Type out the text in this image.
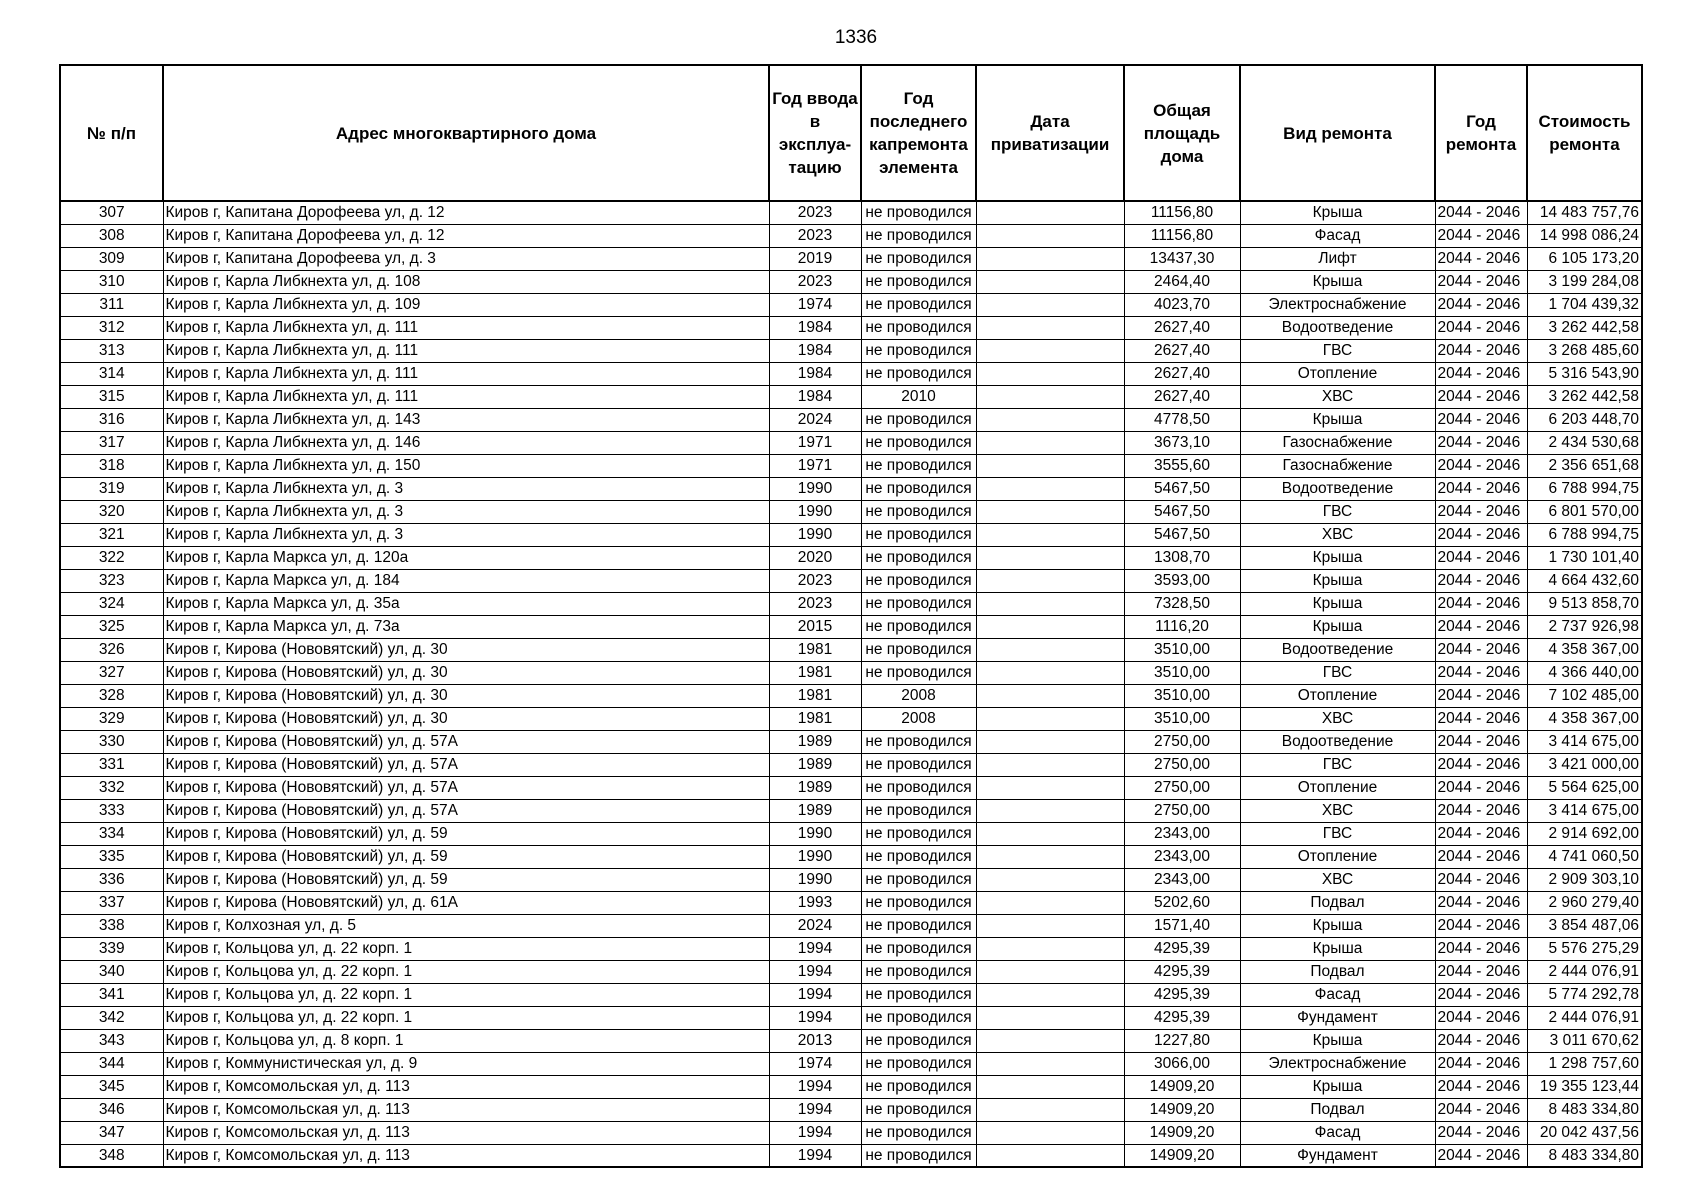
1336
№ п/п	Адрес многоквартирного дома	Год ввода в эксплуа-тацию	Год последнего капремонта элемента	Дата приватизации	Общая площадь дома	Вид ремонта	Год ремонта	Стоимость ремонта
307	Киров г, Капитана Дорофеева ул, д. 12	2023	не проводился		11156,80	Крыша	2044 - 2046	14 483 757,76
308	Киров г, Капитана Дорофеева ул, д. 12	2023	не проводился		11156,80	Фасад	2044 - 2046	14 998 086,24
309	Киров г, Капитана Дорофеева ул, д. 3	2019	не проводился		13437,30	Лифт	2044 - 2046	6 105 173,20
310	Киров г, Карла Либкнехта ул, д. 108	2023	не проводился		2464,40	Крыша	2044 - 2046	3 199 284,08
311	Киров г, Карла Либкнехта ул, д. 109	1974	не проводился		4023,70	Электроснабжение	2044 - 2046	1 704 439,32
312	Киров г, Карла Либкнехта ул, д. 111	1984	не проводился		2627,40	Водоотведение	2044 - 2046	3 262 442,58
313	Киров г, Карла Либкнехта ул, д. 111	1984	не проводился		2627,40	ГВС	2044 - 2046	3 268 485,60
314	Киров г, Карла Либкнехта ул, д. 111	1984	не проводился		2627,40	Отопление	2044 - 2046	5 316 543,90
315	Киров г, Карла Либкнехта ул, д. 111	1984	2010		2627,40	ХВС	2044 - 2046	3 262 442,58
316	Киров г, Карла Либкнехта ул, д. 143	2024	не проводился		4778,50	Крыша	2044 - 2046	6 203 448,70
317	Киров г, Карла Либкнехта ул, д. 146	1971	не проводился		3673,10	Газоснабжение	2044 - 2046	2 434 530,68
318	Киров г, Карла Либкнехта ул, д. 150	1971	не проводился		3555,60	Газоснабжение	2044 - 2046	2 356 651,68
319	Киров г, Карла Либкнехта ул, д. 3	1990	не проводился		5467,50	Водоотведение	2044 - 2046	6 788 994,75
320	Киров г, Карла Либкнехта ул, д. 3	1990	не проводился		5467,50	ГВС	2044 - 2046	6 801 570,00
321	Киров г, Карла Либкнехта ул, д. 3	1990	не проводился		5467,50	ХВС	2044 - 2046	6 788 994,75
322	Киров г, Карла Маркса ул, д. 120а	2020	не проводился		1308,70	Крыша	2044 - 2046	1 730 101,40
323	Киров г, Карла Маркса ул, д. 184	2023	не проводился		3593,00	Крыша	2044 - 2046	4 664 432,60
324	Киров г, Карла Маркса ул, д. 35а	2023	не проводился		7328,50	Крыша	2044 - 2046	9 513 858,70
325	Киров г, Карла Маркса ул, д. 73а	2015	не проводился		1116,20	Крыша	2044 - 2046	2 737 926,98
326	Киров г, Кирова (Нововятский) ул, д. 30	1981	не проводился		3510,00	Водоотведение	2044 - 2046	4 358 367,00
327	Киров г, Кирова (Нововятский) ул, д. 30	1981	не проводился		3510,00	ГВС	2044 - 2046	4 366 440,00
328	Киров г, Кирова (Нововятский) ул, д. 30	1981	2008		3510,00	Отопление	2044 - 2046	7 102 485,00
329	Киров г, Кирова (Нововятский) ул, д. 30	1981	2008		3510,00	ХВС	2044 - 2046	4 358 367,00
330	Киров г, Кирова (Нововятский) ул, д. 57А	1989	не проводился		2750,00	Водоотведение	2044 - 2046	3 414 675,00
331	Киров г, Кирова (Нововятский) ул, д. 57А	1989	не проводился		2750,00	ГВС	2044 - 2046	3 421 000,00
332	Киров г, Кирова (Нововятский) ул, д. 57А	1989	не проводился		2750,00	Отопление	2044 - 2046	5 564 625,00
333	Киров г, Кирова (Нововятский) ул, д. 57А	1989	не проводился		2750,00	ХВС	2044 - 2046	3 414 675,00
334	Киров г, Кирова (Нововятский) ул, д. 59	1990	не проводился		2343,00	ГВС	2044 - 2046	2 914 692,00
335	Киров г, Кирова (Нововятский) ул, д. 59	1990	не проводился		2343,00	Отопление	2044 - 2046	4 741 060,50
336	Киров г, Кирова (Нововятский) ул, д. 59	1990	не проводился		2343,00	ХВС	2044 - 2046	2 909 303,10
337	Киров г, Кирова (Нововятский) ул, д. 61А	1993	не проводился		5202,60	Подвал	2044 - 2046	2 960 279,40
338	Киров г, Колхозная ул, д. 5	2024	не проводился		1571,40	Крыша	2044 - 2046	3 854 487,06
339	Киров г, Кольцова ул, д. 22 корп. 1	1994	не проводился		4295,39	Крыша	2044 - 2046	5 576 275,29
340	Киров г, Кольцова ул, д. 22 корп. 1	1994	не проводился		4295,39	Подвал	2044 - 2046	2 444 076,91
341	Киров г, Кольцова ул, д. 22 корп. 1	1994	не проводился		4295,39	Фасад	2044 - 2046	5 774 292,78
342	Киров г, Кольцова ул, д. 22 корп. 1	1994	не проводился		4295,39	Фундамент	2044 - 2046	2 444 076,91
343	Киров г, Кольцова ул, д. 8 корп. 1	2013	не проводился		1227,80	Крыша	2044 - 2046	3 011 670,62
344	Киров г, Коммунистическая ул, д. 9	1974	не проводился		3066,00	Электроснабжение	2044 - 2046	1 298 757,60
345	Киров г, Комсомольская ул, д. 113	1994	не проводился		14909,20	Крыша	2044 - 2046	19 355 123,44
346	Киров г, Комсомольская ул, д. 113	1994	не проводился		14909,20	Подвал	2044 - 2046	8 483 334,80
347	Киров г, Комсомольская ул, д. 113	1994	не проводился		14909,20	Фасад	2044 - 2046	20 042 437,56
348	Киров г, Комсомольская ул, д. 113	1994	не проводился		14909,20	Фундамент	2044 - 2046	8 483 334,80
